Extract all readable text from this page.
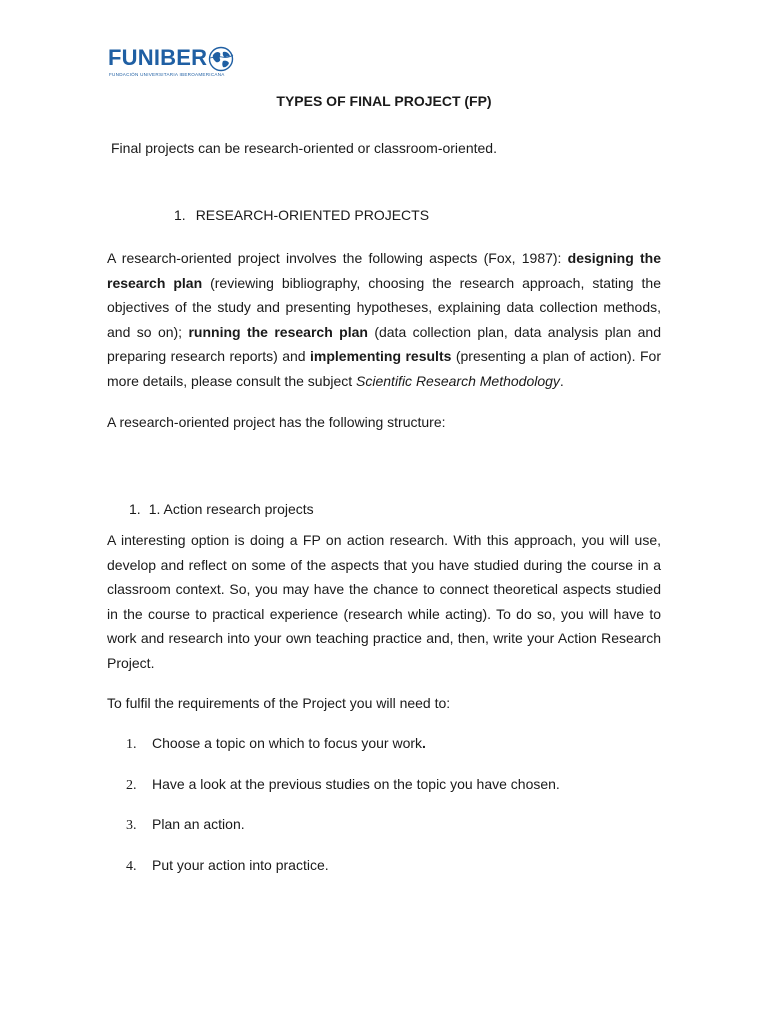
FUNIBER
FUNDACIÓN UNIVERSITARIA IBEROAMERICANA
TYPES OF FINAL PROJECT (FP)
Final projects can be research-oriented or classroom-oriented.
1. RESEARCH-ORIENTED PROJECTS
A research-oriented project involves the following aspects (Fox, 1987): designing the research plan (reviewing bibliography, choosing the research approach, stating the objectives of the study and presenting hypotheses, explaining data collection methods, and so on); running the research plan (data collection plan, data analysis plan and preparing research reports) and implementing results (presenting a plan of action). For more details, please consult the subject Scientific Research Methodology.
A research-oriented project has the following structure:
1. 1. Action research projects
A interesting option is doing a FP on action research. With this approach, you will use, develop and reflect on some of the aspects that you have studied during the course in a classroom context. So, you may have the chance to connect theoretical aspects studied in the course to practical experience (research while acting). To do so, you will have to work and research into your own teaching practice and, then, write your Action Research Project.
To fulfil the requirements of the Project you will need to:
1. Choose a topic on which to focus your work.
2. Have a look at the previous studies on the topic you have chosen.
3. Plan an action.
4. Put your action into practice.
